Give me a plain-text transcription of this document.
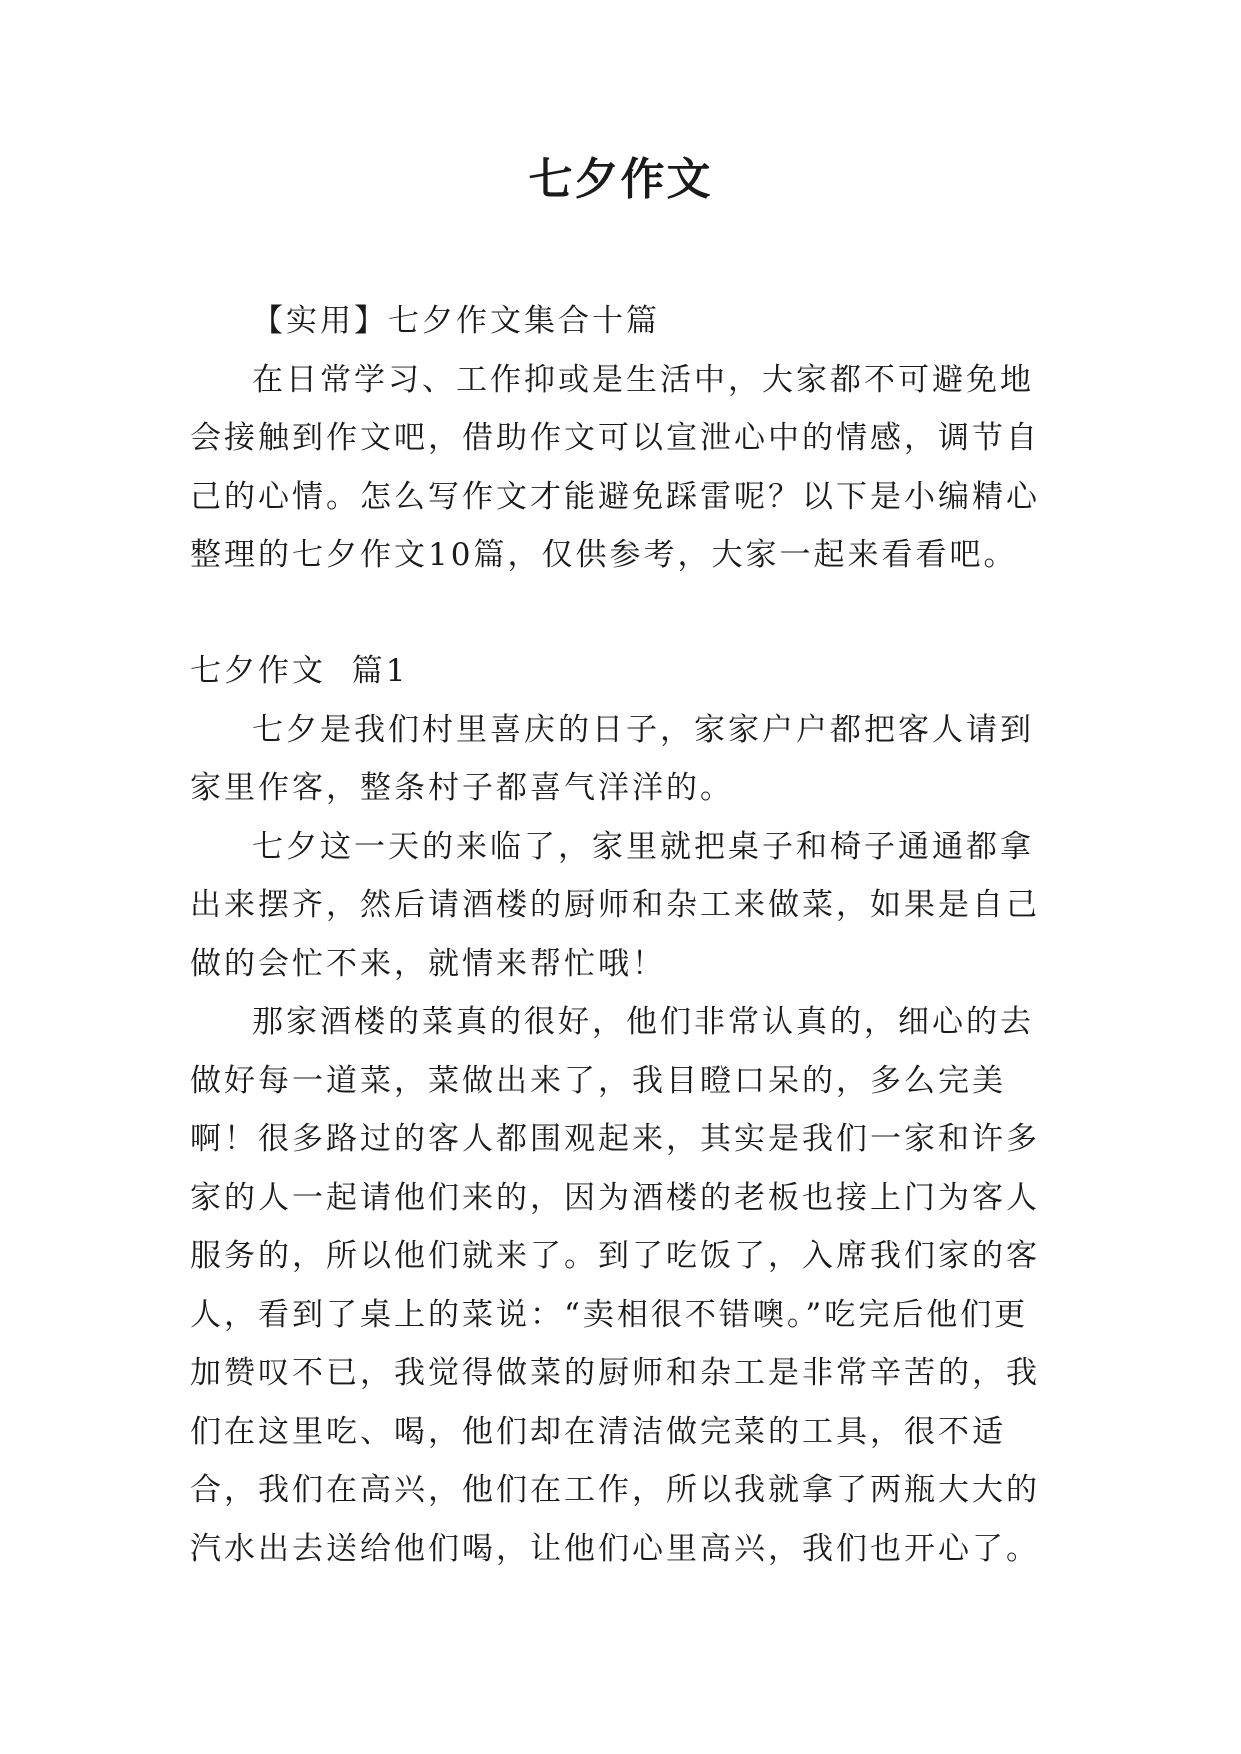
七夕作文

【实用】七夕作文集合十篇

在日常学习、工作抑或是生活中，大家都不可避免地会接触到作文吧，借助作文可以宣泄心中的情感，调节自己的心情。怎么写作文才能避免踩雷呢？以下是小编精心整理的七夕作文10篇，仅供参考，大家一起来看看吧。

七夕作文  篇1

七夕是我们村里喜庆的日子，家家户户都把客人请到家里作客，整条村子都喜气洋洋的。

七夕这一天的来临了，家里就把桌子和椅子通通都拿出来摆齐，然后请酒楼的厨师和杂工来做菜，如果是自己做的会忙不来，就情来帮忙哦！

那家酒楼的菜真的很好，他们非常认真的，细心的去做好每一道菜，菜做出来了，我目瞪口呆的，多么完美啊！很多路过的客人都围观起来，其实是我们一家和许多家的人一起请他们来的，因为酒楼的老板也接上门为客人服务的，所以他们就来了。到了吃饭了，入席我们家的客人，看到了桌上的菜说：“卖相很不错噢。”吃完后他们更加赞叹不已，我觉得做菜的厨师和杂工是非常辛苦的，我们在这里吃、喝，他们却在清洁做完菜的工具，很不适合，我们在高兴，他们在工作，所以我就拿了两瓶大大的汽水出去送给他们喝，让他们心里高兴，我们也开心了。
